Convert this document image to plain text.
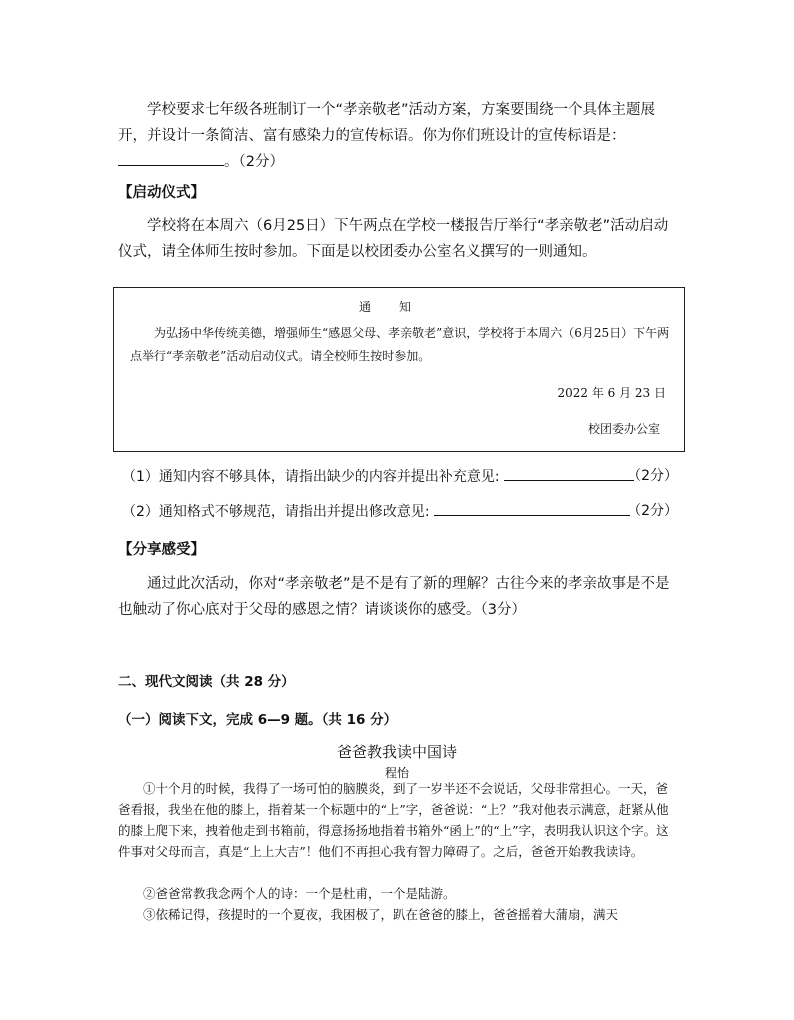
学校要求七年级各班制订一个“孝亲敬老”活动方案，方案要围绕一个具体主题展开，并设计一条简洁、富有感染力的宣传标语。你为你们班设计的宣传标语是：。（2分）
【启动仪式】
学校将在本周六（6月25日）下午两点在学校一楼报告厅举行“孝亲敬老”活动启动仪式，请全体师生按时参加。下面是以校团委办公室名义撰写的一则通知。
通知
为弘扬中华传统美德，增强师生“感恩父母、孝亲敬老”意识，学校将于本周六（6月25日）下午两点举行“孝亲敬老”活动启动仪式。请全校师生按时参加。
2022 年 6 月 23 日
校团委办公室
（1）通知内容不够具体，请指出缺少的内容并提出补充意见:	（2分）
（2）通知格式不够规范，请指出并提出修改意见:	（2分）
【分享感受】
通过此次活动，你对“孝亲敬老”是不是有了新的理解？古往今来的孝亲故事是不是也触动了你心底对于父母的感恩之情？请谈谈你的感受。（3分）
二、现代文阅读（共 28 分）
（一）阅读下文，完成 6—9 题。（共 16 分）
爸爸教我读中国诗
程怡
①十个月的时候，我得了一场可怕的脑膜炎，到了一岁半还不会说话，父母非常担心。一天，爸爸看报，我坐在他的膝上，指着某一个标题中的“上”字，爸爸说：“上？”我对他表示满意，赶紧从他的膝上爬下来，拽着他走到书箱前，得意扬扬地指着书箱外“函上”的“上”字，表明我认识这个字。这件事对父母而言，真是“上上大吉”！他们不再担心我有智力障碍了。之后，爸爸开始教我读诗。
②爸爸常教我念两个人的诗：一个是杜甫，一个是陆游。
③依稀记得，孩提时的一个夏夜，我困极了，趴在爸爸的膝上，爸爸摇着大蒲扇，满天
